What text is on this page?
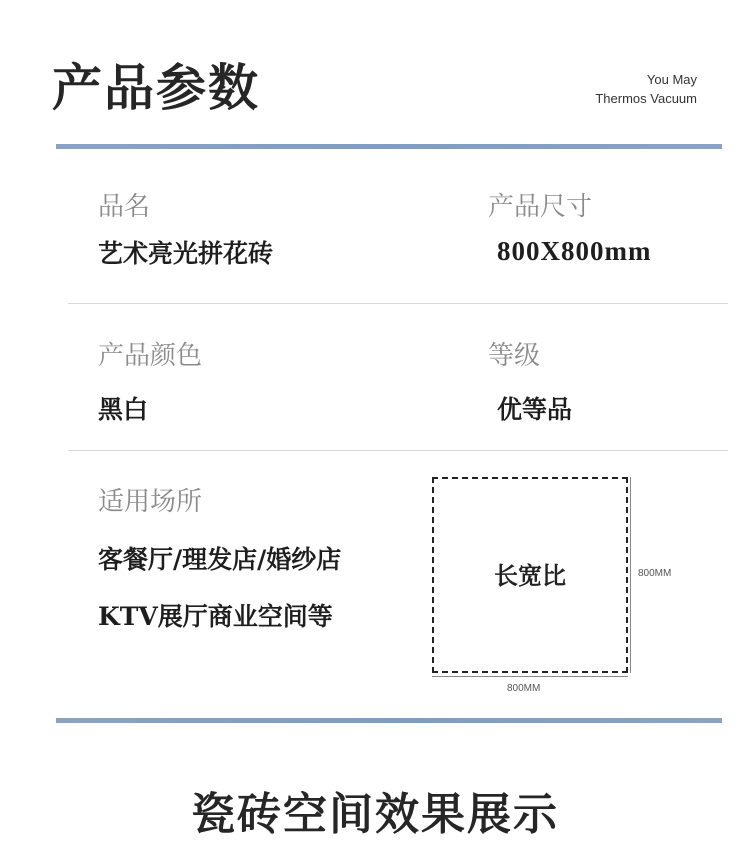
产品参数	You May
Thermos Vacuum
品名
艺术亮光拼花砖
产品尺寸
800X800mm
产品颜色
黑白
等级
优等品
适用场所
客餐厅/理发店/婚纱店
KTV展厅商业空间等
长宽比	800MM
800MM
瓷砖空间效果展示
